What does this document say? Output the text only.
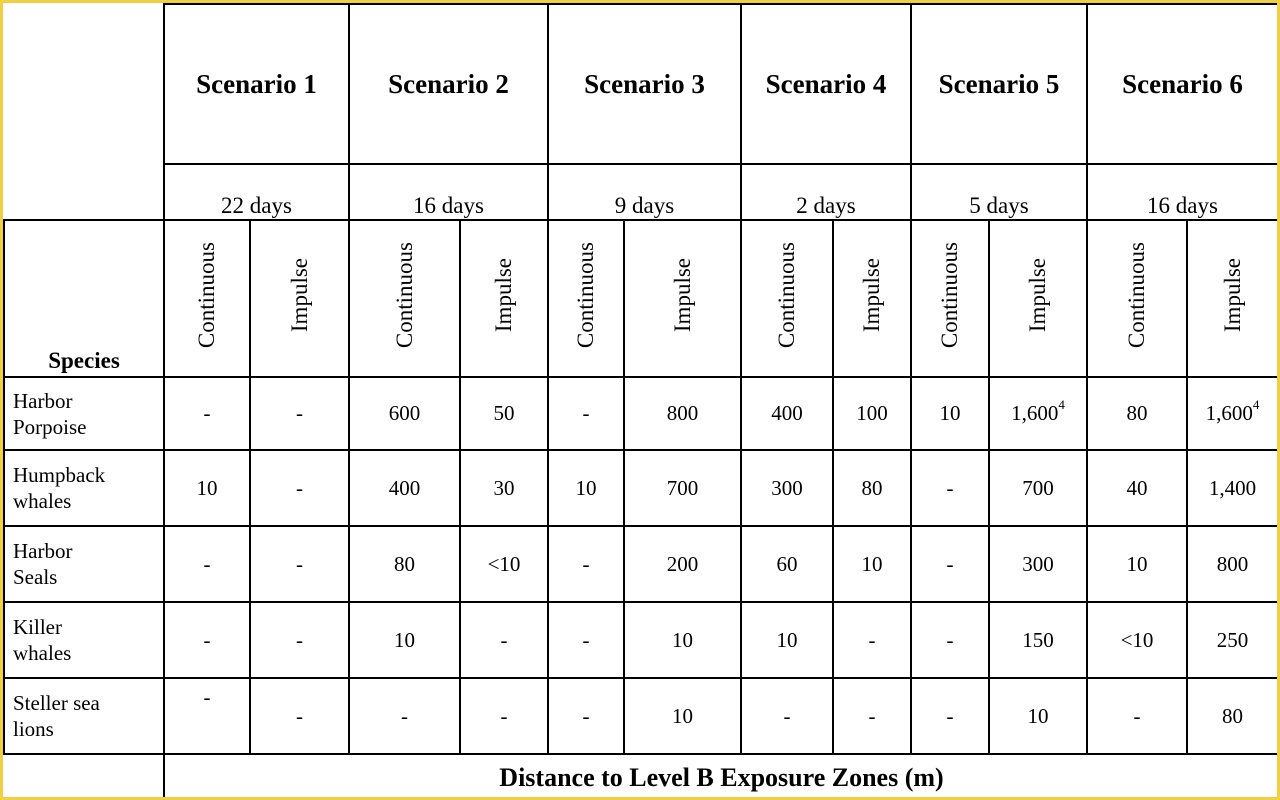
	Scenario 1		Scenario 2		Scenario 3		Scenario 4		Scenario 5		Scenario 6	
	22 days		16 days		9 days		2 days		5 days		16 days	
Species	Continuous	Impulse	Continuous	Impulse	Continuous	Impulse	Continuous	Impulse	Continuous	Impulse	Continuous	Impulse
Harbor
Porpoise	-	-	600	50	-	800	400	100	10	1,600$^4$	80	1,600$^4$
Humpback
whales	10	-	400	30	10	700	300	80	-	700	40	1,400
Harbor
Seals	-	-	80	<10	-	200	60	10	-	300	10	800
Killer
whales	-	-	10	-	-	10	10	-	-	150	<10	250
Steller sea
lions	-	-	-	-	-	10	-	-	-	10	-	80
	Distance to Level B Exposure Zones (m)											
